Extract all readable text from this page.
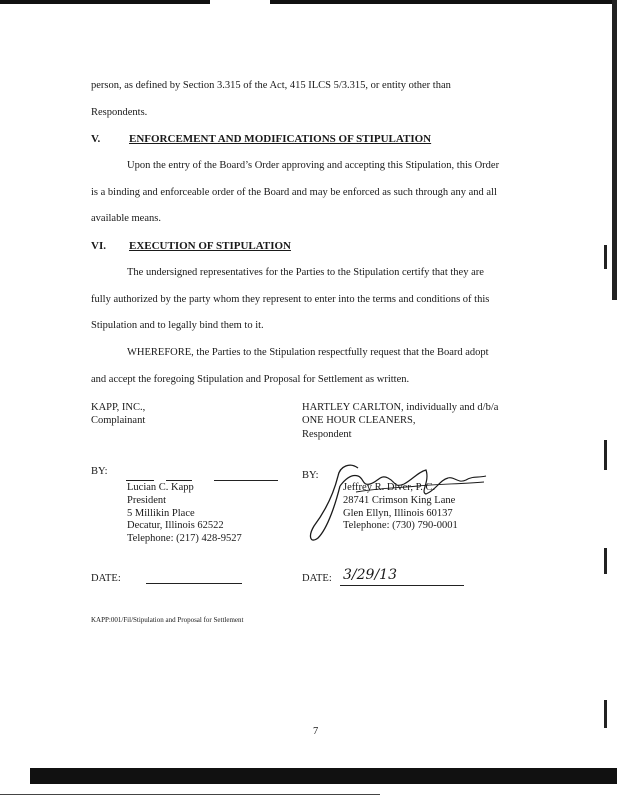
person, as defined by Section 3.315 of the Act, 415 ILCS 5/3.315, or entity other than
Respondents.
V.	ENFORCEMENT AND MODIFICATIONS OF STIPULATION
Upon the entry of the Board’s Order approving and accepting this Stipulation, this Order
is a binding and enforceable order of the Board and may be enforced as such through any and all
available means.
VI. EXECUTION OF STIPULATION
The undersigned representatives for the Parties to the Stipulation certify that they are
fully authorized by the party whom they represent to enter into the terms and conditions of this
Stipulation and to legally bind them to it.
WHEREFORE, the Parties to the Stipulation respectfully request that the Board adopt
and accept the foregoing Stipulation and Proposal for Settlement as written.
KAPP, INC.,
Complainant
BY:
Lucian C. Kapp
President
5 Millikin Place
Decatur, Illinois 62522
Telephone: (217) 428-9527
DATE:
HARTLEY CARLTON, individually and d/b/a
ONE HOUR CLEANERS,
Respondent
BY:
Jeffrey R. Diver, P. C.
28741 Crimson King Lane
Glen Ellyn, Illinois 60137
Telephone: (730) 790-0001
DATE: 3/29/13
KAPP:001/Fil/Stipulation and Proposal for Settlement
7
